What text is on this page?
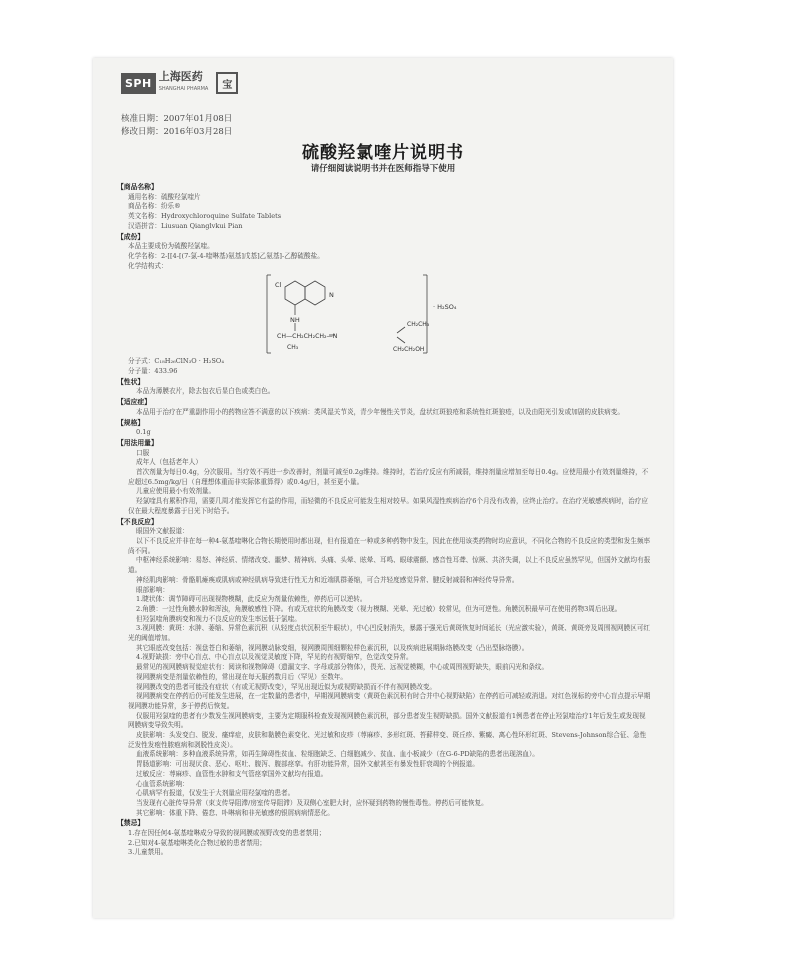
SPH 上海医药
SHANGHAI PHARMA	宝
核准日期：2007年01月08日
修改日期：2016年03月28日
硫酸羟氯喹片说明书
请仔细阅读说明书并在医师指导下使用
【商品名称】
通用名称：硫酸羟氯喹片
商品名称：纷乐®
英文名称：Hydroxychloroquine Sulfate Tablets
汉语拼音：Liusuan Qianglvkui Pian
【成份】
本品主要成份为硫酸羟氯喹。
化学名称：2-[[4-[(7-氯-4-喹啉基)氨基]戊基]乙氨基]-乙醇硫酸盐。
化学结构式：
Cl
N
NH
CH—CH₂CH₂CH₂—N
CH₃
CH₂CH₃
CH₂CH₂OH
· H₂SO₄
分子式：C₁₈H₂₆ClN₃O · H₂SO₄
分子量：433.96
【性状】
本品为薄膜衣片，除去包衣后显白色或类白色。
【适应症】
本品用于治疗在严重副作用小的药物应答不满意的以下疾病：类风湿关节炎，青少年慢性关节炎，盘状红斑狼疮和系统性红斑狼疮，以及由阳光引发或加剧的皮肤病变。
【规格】
0.1g
【用法用量】
口服
成年人（包括老年人）
首次剂量为每日0.4g，分次服用。当疗效不再进一步改善时，剂量可减至0.2g维持。维持时，若治疗反应有所减弱，维持剂量应增加至每日0.4g。应使用最小有效剂量维持，不应超过6.5mg/kg/日（自理想体重而非实际体重算得）或0.4g/日，甚至更小量。
儿童应使用最小有效剂量。
羟氯喹具有累积作用，需要几周才能发挥它有益的作用，而轻微的不良反应可能发生相对较早。如果风湿性疾病治疗6个月没有改善，应终止治疗。在治疗光敏感疾病时，治疗应仅在最大程度暴露于日光下时给予。
【不良反应】
眼国外文献报道：
以下不良反应并非在每一种4-氨基喹啉化合物长期使用时都出现，但有报道在一种或多种药物中发生，因此在使用该类药物时均应意识，不同化合物的不良反应的类型和发生频率尚不同。
中枢神经系统影响：易怒、神经质、情绪改变、噩梦、精神病、头痛、头晕、眩晕、耳鸣、眼球震颤、感音性耳聋、惊厥、共济失调，以上不良反应虽然罕见，但国外文献均有报道。
神经肌肉影响：骨骼肌瘫痪或肌病或神经肌病导致进行性无力和近端肌群萎缩，可合并轻度感觉异常、腱反射减弱和神经传导异常。
眼部影响：
1.睫状体：调节障碍可出现视物模糊，此反应为剂量依赖性，停药后可以逆转。
2.角膜：一过性角膜水肿和浑浊，角膜敏感性下降。有或无症状的角膜改变（视力模糊、光晕、光过敏）较常见，但为可逆性。角膜沉积最早可在使用药物3周后出现。
但羟氯喹角膜病变和视力不良反应的发生率远低于氯喹。
3.视网膜：黄斑：水肿、萎缩、异常色素沉积（从轻度点状沉积至牛眼状），中心凹反射消失，暴露于强光后黄斑恢复时间延长（光应激实验），黄斑、黄斑旁及周围视网膜区可红光的阈值增加。
其它眼底改变包括：视盘苍白和萎缩，视网膜动脉变细，视网膜周围细颗粒样色素沉积，以及疾病进展期脉络膜改变（凸出型脉络膜）。
4.视野缺损：旁中心盲点、中心盲点以及视觉灵敏度下降，罕见的有视野缩窄，色觉改变异常。
最常见的视网膜病视觉症状有：阅读和视物障碍（遗漏文字、字母或部分物体），畏光、远视觉模糊，中心或周围视野缺失，眼前闪光和条纹。
视网膜病变是剂量依赖性的，常出现在每天服药数月后（罕见）至数年。
视网膜改变的患者可能没有症状（有或无视野改变），罕见出现近似为或视野缺损而不伴有视网膜改变。
视网膜病变在停药后仍可能发生进展，在一定数量的患者中，早期视网膜病变（黄斑色素沉积有时合并中心视野缺陷）在停药后可减轻或消退。对红色视标的旁中心盲点提示早期视网膜功能异常，多于停药后恢复。
仅服用羟氯喹的患者有少数发生视网膜病变，主要为定期服科检查发现视网膜色素沉积，部分患者发生视野缺损。国外文献报道有1例患者在停止羟氯喹治疗1年后发生或发现视网膜病变导致失明。
皮肤影响：头发变白、脱发、瘙痒症，皮肤和黏膜色素变化、光过敏和皮疹（荨麻疹、多形红斑、苔藓样变、斑丘疹、紫癜、离心性环形红斑、Stevens-Johnson综合征、急性泛发性发疱性脓疱病和剥脱性皮炎）。
血液系统影响：多种血液系统异常，如再生障碍性贫血、粒细胞缺乏、白细胞减少、贫血、血小板减少（在G-6-PD缺陷的患者出现溶血）。
胃肠道影响：可出现厌食、恶心、呕吐、腹泻、腹部痉挛。有肝功能异常，国外文献甚至有暴发性肝衰竭的个例报道。
过敏反应：荨麻疹、血管性水肿和支气管痉挛国外文献均有报道。
心血管系统影响：
心肌病罕有报道，仅发生于大剂量应用羟氯喹的患者。
当发现有心脏传导异常（束支传导阻滞/房室传导阻滞）及双侧心室肥大时，应怀疑到药物的慢性毒性。停药后可能恢复。
其它影响：体重下降、倦怠、卟啉病和非光敏感的银屑病病情恶化。
【禁忌】
1.存在因任何4-氨基喹啉成分导致的视网膜或视野改变的患者禁用；
2.已知对4-氨基喹啉类化合物过敏的患者禁用；
3.儿童禁用。
